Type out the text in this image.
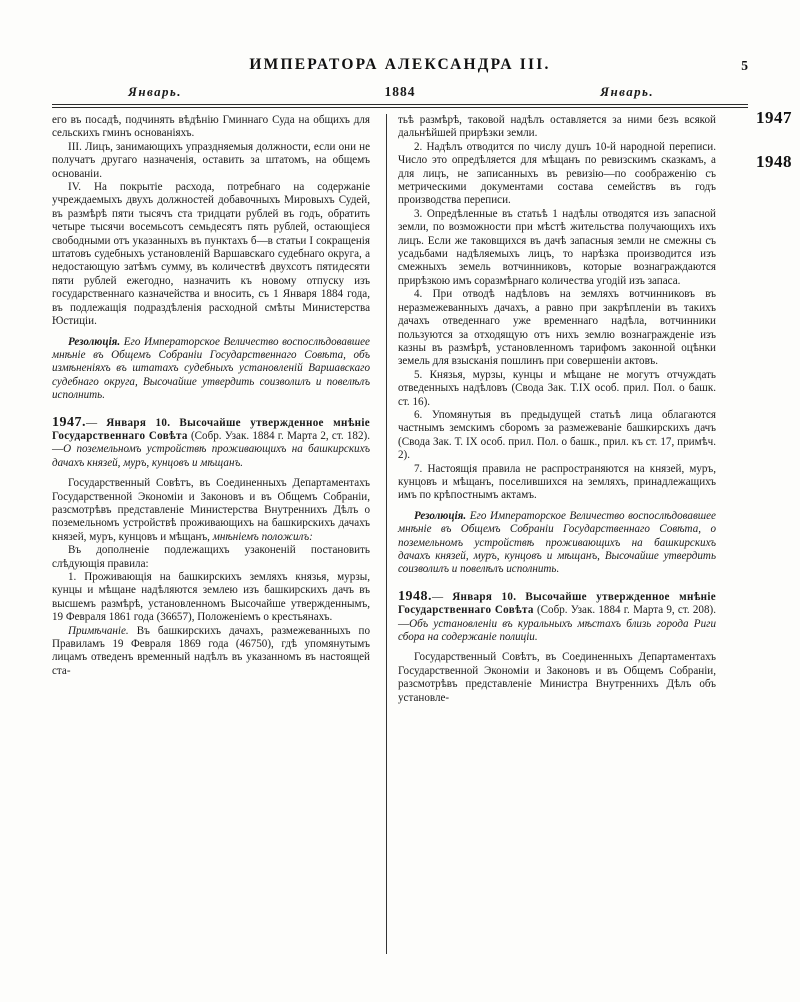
ИМПЕРАТОРА АЛЕКСАНДРА III.	5
Январь.	1884	Январь.
1947
1948

его въ посадѣ, подчинять вѣдѣнію Гминнаго Суда на общихъ для сельскихъ гминъ основаніяхъ.

III. Лицъ, занимающихъ упраздняемыя должности, если они не получатъ другаго назначенія, оставить за штатомъ, на общемъ основаніи.

IV. На покрытіе расхода, потребнаго на содержаніе учреждаемыхъ двухъ должностей добавочныхъ Мировыхъ Судей, въ размѣрѣ пяти тысячъ ста тридцати рублей въ годъ, обратить четыре тысячи восемьсотъ семьдесятъ пять рублей, остающіеся свободными отъ указанныхъ въ пунктахъ б—в статьи I сокращенія штатовъ судебныхъ установленій Варшавскаго судебнаго округа, а недостающую затѣмъ сумму, въ количествѣ двухсотъ пятидесяти пяти рублей ежегодно, назначить къ новому отпуску изъ государственнаго казначейства и вносить, съ 1 Января 1884 года, въ подлежащія подраздѣленія расходной смѣты Министерства Юстиціи.

Резолюція. Его Императорское Величество воспослѣдовавшее мнѣніе въ Общемъ Собраніи Государственнаго Совѣта, объ измѣненіяхъ въ штатахъ судебныхъ установленій Варшавскаго судебнаго округа, Высочайше утвердить соизволилъ и повелѣлъ исполнить.

1947.— Января 10. Высочайше утвержденное мнѣніе Государственнаго Совѣта (Собр. Узак. 1884 г. Марта 2, ст. 182).—О поземельномъ устройствѣ проживающихъ на башкирскихъ дачахъ князей, муръ, кунцовъ и мѣщанъ.

Государственный Совѣтъ, въ Соединенныхъ Департаментахъ Государственной Экономіи и Законовъ и въ Общемъ Собраніи, разсмотрѣвъ представленіе Министерства Внутреннихъ Дѣлъ о поземельномъ устройствѣ проживающихъ на башкирскихъ дачахъ князей, муръ, кунцовъ и мѣщанъ, мнѣніемъ положилъ:

Въ дополненіе подлежащихъ узаконеній постановить слѣдующія правила:

1. Проживающія на башкирскихъ земляхъ князья, мурзы, кунцы и мѣщане надѣляются землею изъ башкирскихъ дачъ въ высшемъ размѣрѣ, установленномъ Высочайше утвержденнымъ, 19 Февраля 1861 года (36657), Положеніемъ о крестьянахъ.

Примѣчаніе. Въ башкирскихъ дачахъ, размежеванныхъ по Правиламъ 19 Февраля 1869 года (46750), гдѣ упомянутымъ лицамъ отведенъ временный надѣлъ въ указанномъ въ настоящей ста-

тьѣ размѣрѣ, таковой надѣлъ оставляется за ними безъ всякой дальнѣйшей прирѣзки земли.

2. Надѣлъ отводится по числу душъ 10-й народной переписи. Число это опредѣляется для мѣщанъ по ревизскимъ сказкамъ, а для лицъ, не записанныхъ въ ревизію—по соображенію съ метрическими документами состава семействъ въ годъ производства переписи.

3. Опредѣленные въ статьѣ 1 надѣлы отводятся изъ запасной земли, по возможности при мѣстѣ жительства получающихъ ихъ лицъ. Если же таковщихся въ дачѣ запасныя земли не смежны съ усадьбами надѣляемыхъ лицъ, то нарѣзка производится изъ смежныхъ земель вотчинниковъ, которые вознаграждаются прирѣзкою имъ соразмѣрнаго количества угодій изъ запаса.

4. При отводѣ надѣловъ на земляхъ вотчинниковъ въ неразмежеванныхъ дачахъ, а равно при закрѣпленіи въ такихъ дачахъ отведеннаго уже временнаго надѣла, вотчинники пользуются за отходящую отъ нихъ землю вознагражденіе изъ казны въ размѣрѣ, установленномъ тарифомъ законной оцѣнки земель для взысканія пошлинъ при совершеніи актовъ.

5. Князья, мурзы, кунцы и мѣщане не могутъ отчуждать отведенныхъ надѣловъ (Свода Зак. Т.IX особ. прил. Пол. о башк. ст. 16).

6. Упомянутыя въ предыдущей статьѣ лица облагаются частнымъ земскимъ сборомъ за размежеваніе башкирскихъ дачъ (Свода Зак. Т. IX особ. прил. Пол. о башк., прил. къ ст. 17, примѣч. 2).

7. Настоящія правила не распространяются на князей, муръ, кунцовъ и мѣщанъ, поселившихся на земляхъ, принадлежащихъ имъ по крѣпостнымъ актамъ.

Резолюція. Его Императорское Величество воспослѣдовавшее мнѣніе въ Общемъ Собраніи Государственнаго Совѣта, о поземельномъ устройствѣ проживающихъ на башкирскихъ дачахъ князей, муръ, кунцовъ и мѣщанъ, Высочайше утвердить соизволилъ и повелѣлъ исполнить.

1948.— Января 10. Высочайше утвержденное мнѣніе Государственнаго Совѣта (Собр. Узак. 1884 г. Марта 9, ст. 208).—Объ установленіи въ куральныхъ мѣстахъ близь города Риги сбора на содержаніе полиціи.

Государственный Совѣтъ, въ Соединенныхъ Департаментахъ Государственной Экономіи и Законовъ и въ Общемъ Собраніи, разсмотрѣвъ представленіе Министра Внутреннихъ Дѣлъ объ установле-
